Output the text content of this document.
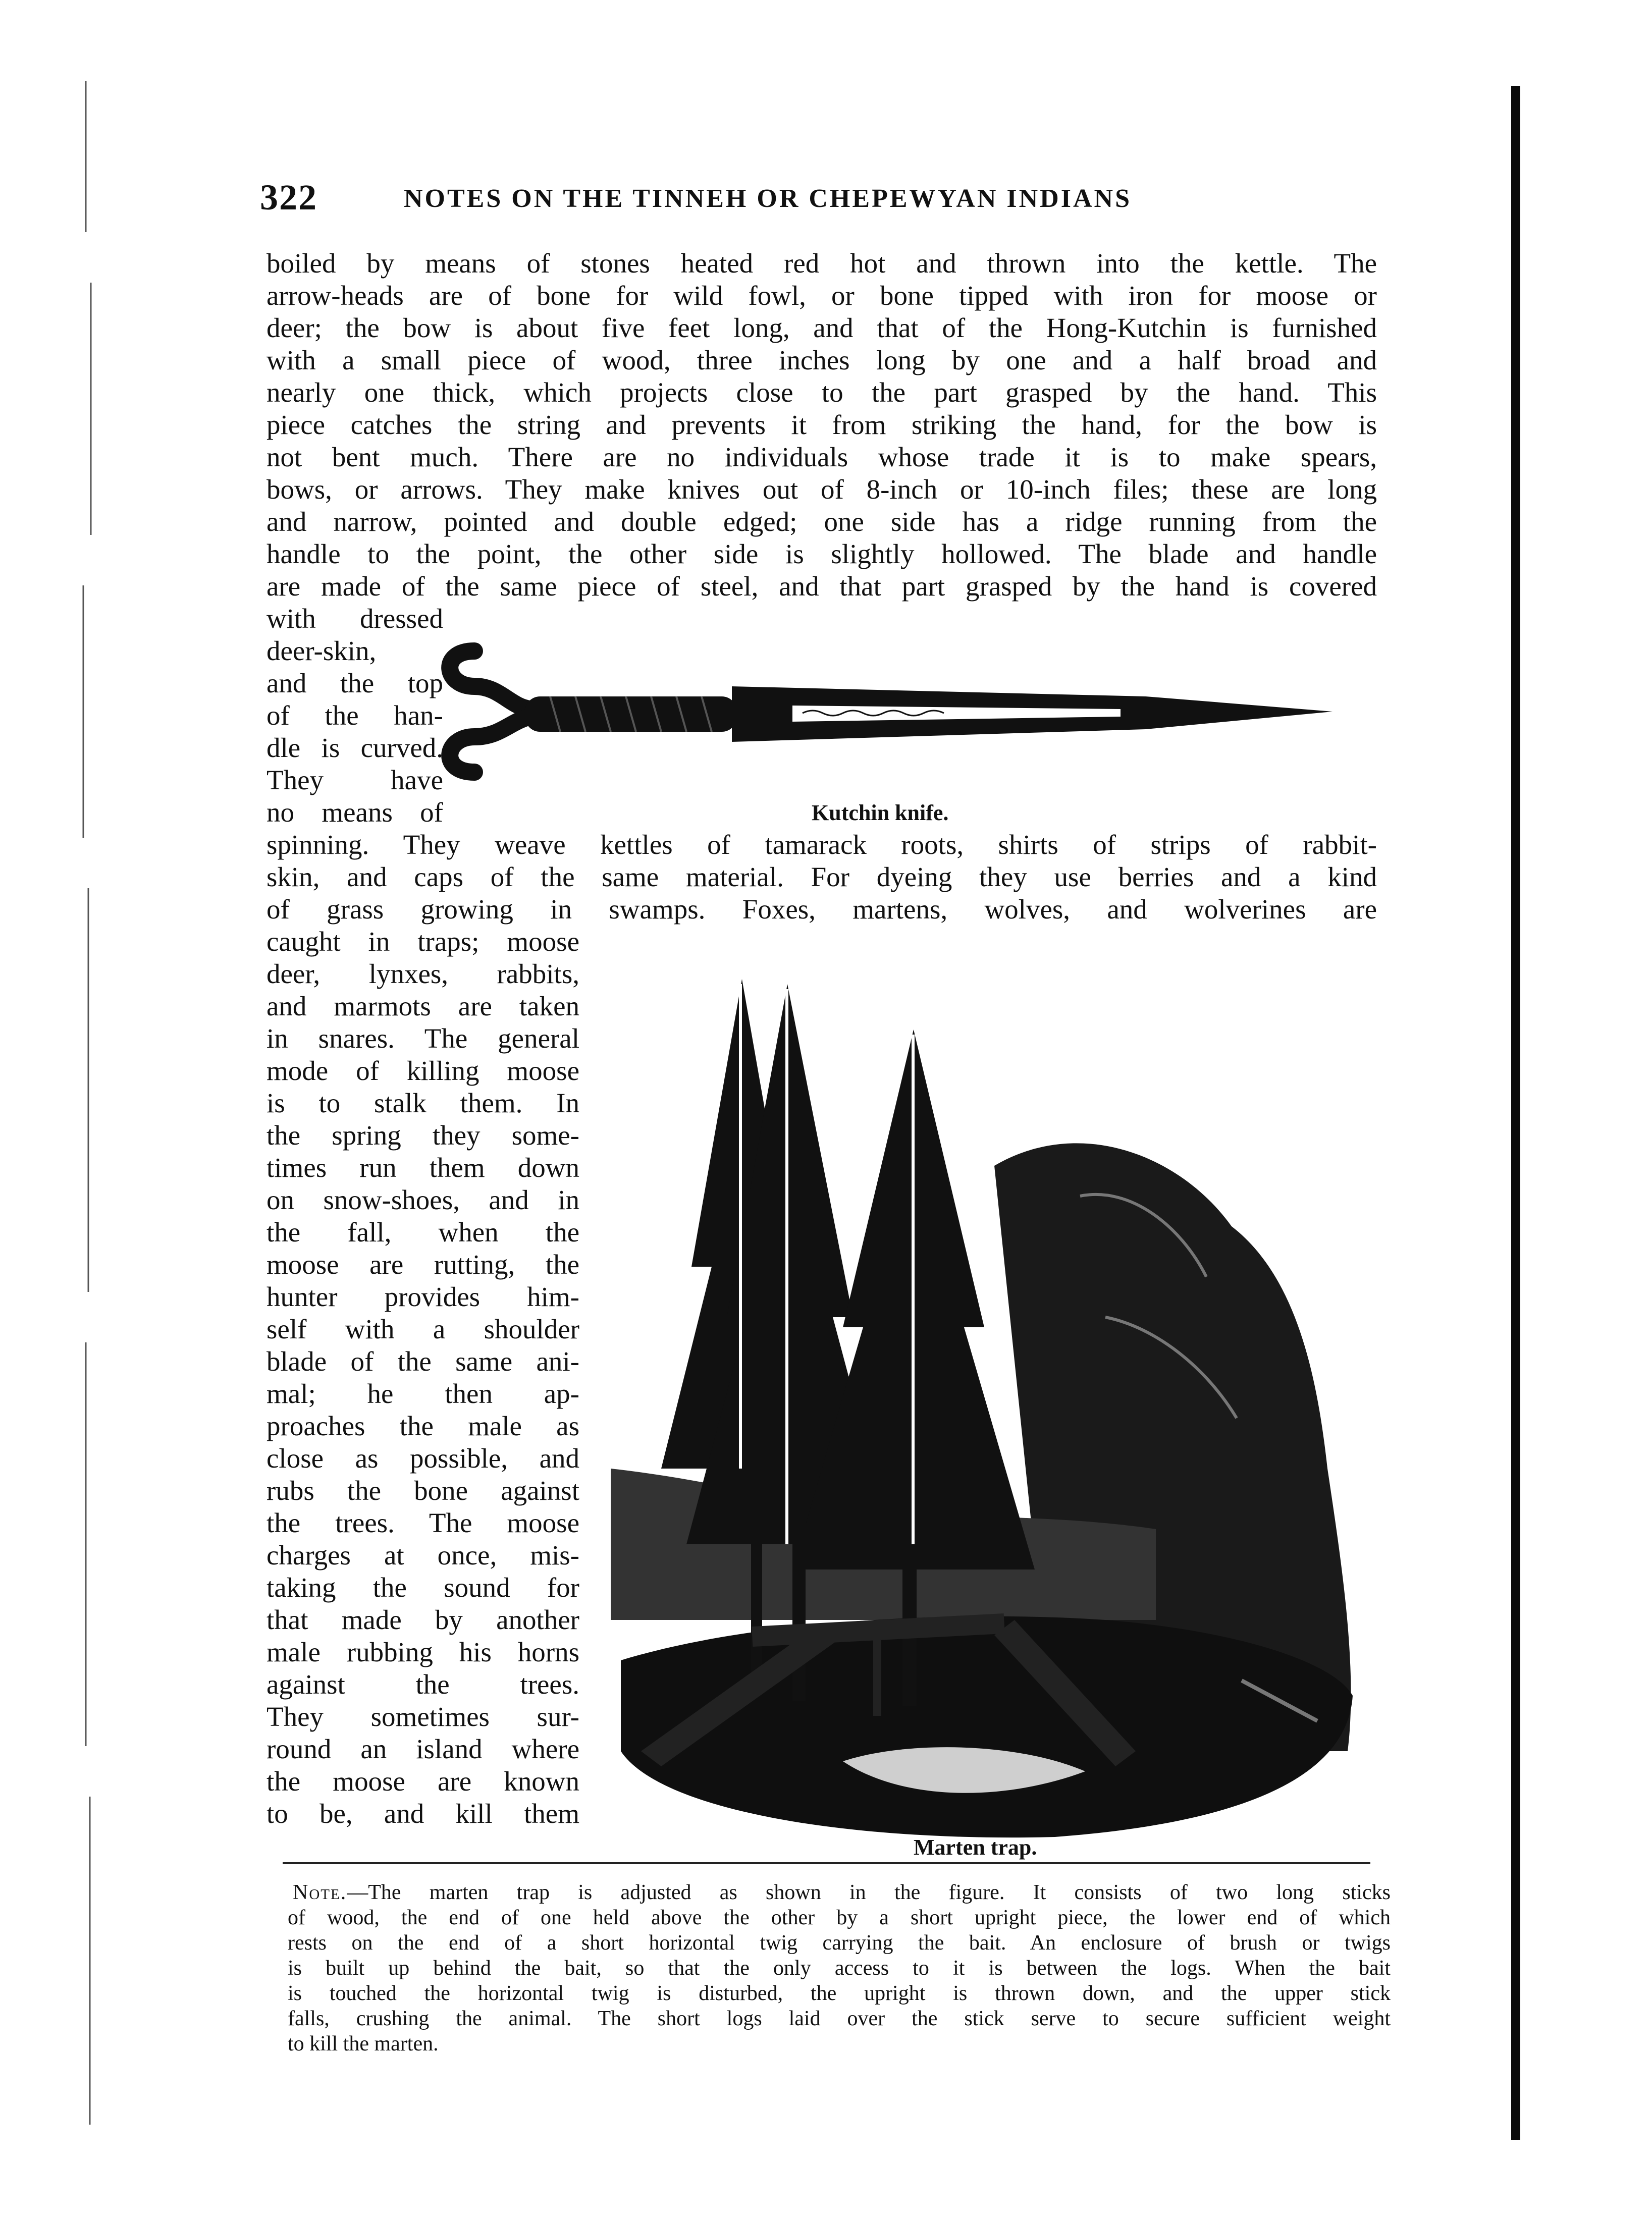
322	NOTES ON THE TINNEH OR CHEPEWYAN INDIANS
boiled by means of stones heated red hot and thrown into the kettle. The
arrow-heads are of bone for wild fowl, or bone tipped with iron for moose or
deer; the bow is about five feet long, and that of the Hong-Kutchin is furnished
with a small piece of wood, three inches long by one and a half broad and
nearly one thick, which projects close to the part grasped by the hand. This
piece catches the string and prevents it from striking the hand, for the bow is
not bent much. There are no individuals whose trade it is to make spears,
bows, or arrows. They make knives out of 8-inch or 10-inch files; these are long
and narrow, pointed and double edged; one side has a ridge running from the
handle to the point, the other side is slightly hollowed. The blade and handle
are made of the same piece of steel, and that part grasped by the hand is covered
with dressed
deer-skin,
and the top
of the han-
dle is curved.
They have
no means of	Kutchin knife.
spinning. They weave kettles of tamarack roots, shirts of strips of rabbit-
skin, and caps of the same material. For dyeing they use berries and a kind
of grass growing in swamps. Foxes, martens, wolves, and wolverines are
caught in traps; moose
deer, lynxes, rabbits,
and marmots are taken
in snares. The general
mode of killing moose
is to stalk them. In
the spring they some-
times run them down
on snow-shoes, and in
the fall, when the
moose are rutting, the
hunter provides him-
self with a shoulder
blade of the same ani-
mal; he then ap-
proaches the male as
close as possible, and
rubs the bone against
the trees. The moose
charges at once, mis-
taking the sound for
that made by another
male rubbing his horns
against the trees.
They sometimes sur-
round an island where
the moose are known
to be, and kill them
Marten trap.
Note.—The marten trap is adjusted as shown in the figure. It consists of two long sticks
of wood, the end of one held above the other by a short upright piece, the lower end of which
rests on the end of a short horizontal twig carrying the bait. An enclosure of brush or twigs
is built up behind the bait, so that the only access to it is between the logs. When the bait
is touched the horizontal twig is disturbed, the upright is thrown down, and the upper stick
falls, crushing the animal. The short logs laid over the stick serve to secure sufficient weight
to kill the marten.
